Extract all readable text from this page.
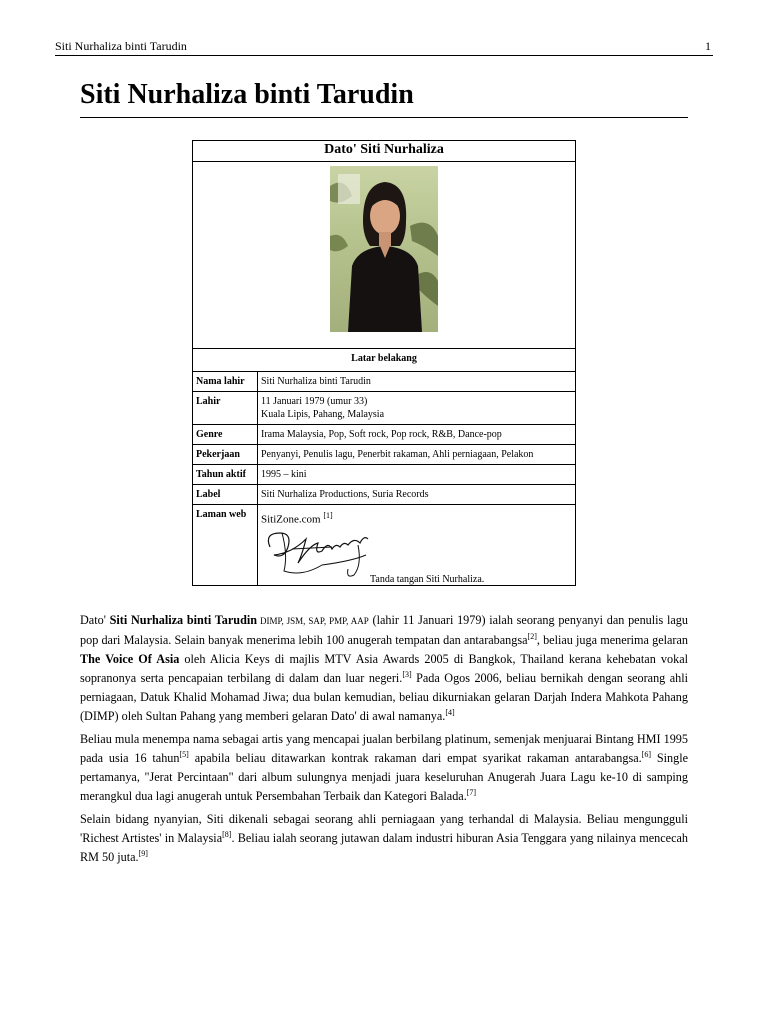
Siti Nurhaliza binti Tarudin	1
Siti Nurhaliza binti Tarudin
Dato' Siti Nurhaliza	

Latar belakang	
Nama lahir	Siti Nurhaliza binti Tarudin
Lahir	11 Januari 1979 (umur 33)
Kuala Lipis, Pahang, Malaysia

Genre	Irama Malaysia, Pop, Soft rock, Pop rock, R&B, Dance-pop
Pekerjaan	Penyanyi, Penulis lagu, Penerbit rakaman, Ahli perniagaan, Pelakon
Tahun aktif	1995 – kini
Label	Siti Nurhaliza Productions, Suria Records
Laman web	SitiZone.com [1]
Tanda tangan Siti Nurhaliza.

Dato' Siti Nurhaliza binti Tarudin DIMP, JSM, SAP, PMP, AAP (lahir 11 Januari 1979) ialah seorang penyanyi dan penulis lagu pop dari Malaysia. Selain banyak menerima lebih 100 anugerah tempatan dan antarabangsa[2], beliau juga menerima gelaran The Voice Of Asia oleh Alicia Keys di majlis MTV Asia Awards 2005 di Bangkok, Thailand kerana kehebatan vokal sopranonya serta pencapaian terbilang di dalam dan luar negeri.[3] Pada Ogos 2006, beliau bernikah dengan seorang ahli perniagaan, Datuk Khalid Mohamad Jiwa; dua bulan kemudian, beliau dikurniakan gelaran Darjah Indera Mahkota Pahang (DIMP) oleh Sultan Pahang yang memberi gelaran Dato' di awal namanya.[4]

Beliau mula menempa nama sebagai artis yang mencapai jualan berbilang platinum, semenjak menjuarai Bintang HMI 1995 pada usia 16 tahun[5] apabila beliau ditawarkan kontrak rakaman dari empat syarikat rakaman antarabangsa.[6] Single pertamanya, "Jerat Percintaan" dari album sulungnya menjadi juara keseluruhan Anugerah Juara Lagu ke-10 di samping merangkul dua lagi anugerah untuk Persembahan Terbaik dan Kategori Balada.[7]

Selain bidang nyanyian, Siti dikenali sebagai seorang ahli perniagaan yang terhandal di Malaysia. Beliau mengungguli 'Richest Artistes' in Malaysia[8]. Beliau ialah seorang jutawan dalam industri hiburan Asia Tenggara yang nilainya mencecah RM 50 juta.[9]
